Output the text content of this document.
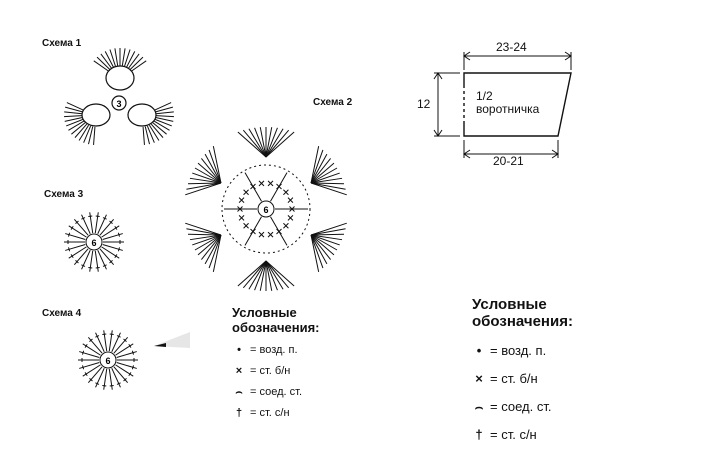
Схема 1
Схема 2
Схема 3
Схема 4
3
6
6
6
23-24
12
1/2
воротничка
20-21
Условные
обозначения:
• = возд. п.
× = ст. б/н
⌢ = соед. ст.
† = ст. с/н
Условные
обозначения:
• = возд. п.
× = ст. б/н
⌢ = соед. ст.
† = ст. с/н
